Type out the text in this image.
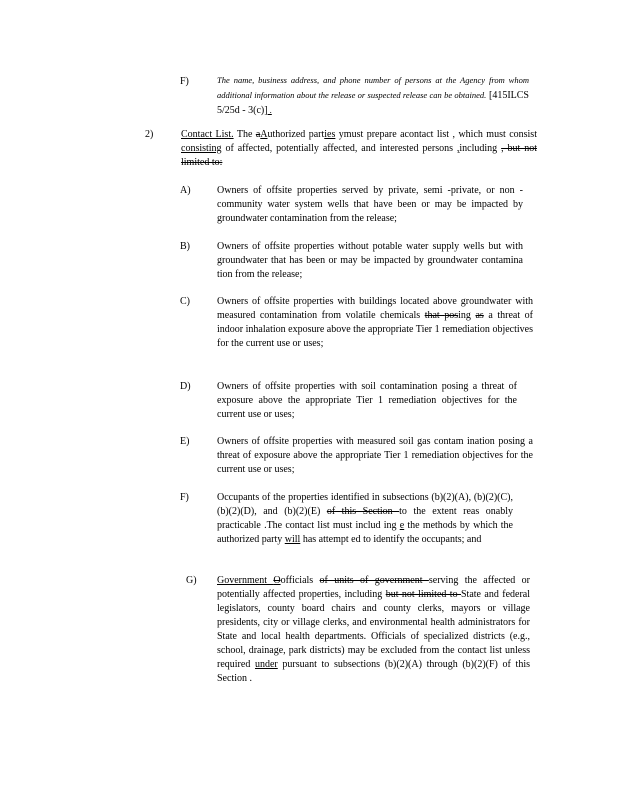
F)	The name, business address, and phone number of persons at the Agency from whom additional information about the release or suspected release can be obtained. [415ILCS 5/25d - 3(c)] .
2)	Contact List. The aAuthorized parties ymust prepare acontact list , which must consist consisting of affected, potentially affected, and interested persons ,including , but not limited to:
A)	Owners of offsite properties served by private, semi -private, or non -community water system wells that have been or may be impacted by groundwater contamination from the release;
B)	Owners of offsite properties without potable water supply wells but with groundwater that has been or may be impacted by groundwater contamina tion from the release;
C)	Owners of offsite properties with buildings located above groundwater with measured contamination from volatile chemicals that posing as a threat of indoor inhalation exposure above the appropriate Tier 1 remediation objectives for the current use or uses;
D)	Owners of offsite properties with soil contamination posing a threat of exposure above the appropriate Tier 1 remediation objectives for the current use or uses;
E)	Owners of offsite properties with measured soil gas contam ination posing a threat of exposure above the appropriate Tier 1 remediation objectives for the current use or uses;
F)	Occupants of the properties identified in subsections (b)(2)(A), (b)(2)(C), (b)(2)(D), and (b)(2)(E) of this Section to the extent reas onably practicable .The contact list must includ ing e the methods by which the authorized party will has attempt ed to identify the occupants; and
G) Government Oofficials of units of government serving the affected or potentially affected properties, including but not limited to State and federal legislators, county board chairs and county clerks, mayors or village presidents, city or village clerks, and environmental health administrators for State and local health departments. Officials of specialized districts (e.g., school, drainage, park districts) may be excluded from the contact list unless required under pursuant to subsections (b)(2)(A) through (b)(2)(F) of this Section .
